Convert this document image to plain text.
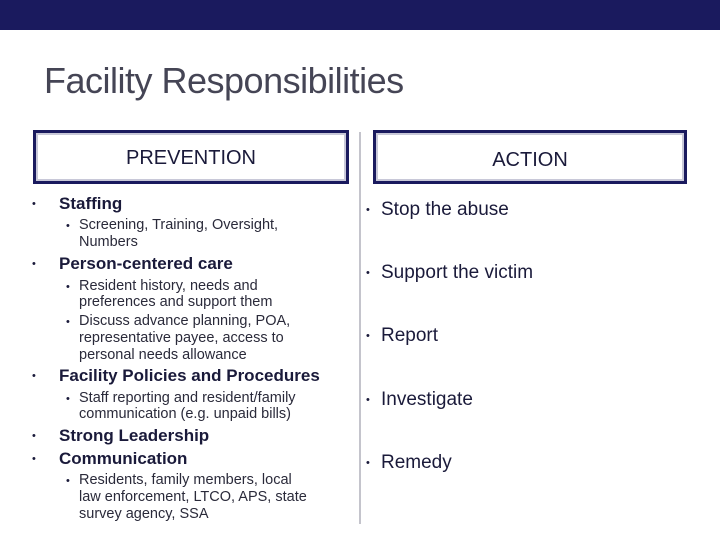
Facility Responsibilities
PREVENTION	ACTION
• Staffing
• Screening, Training, Oversight,
Numbers
• Person-centered care
• Resident history, needs and
preferences and support them
• Discuss advance planning, POA,
representative payee, access to
personal needs allowance
• Facility Policies and Procedures
• Staff reporting and resident/family
communication (e.g. unpaid bills)
• Strong Leadership
• Communication
• Residents, family members, local
law enforcement, LTCO, APS, state
survey agency, SSA
• Stop the abuse
• Support the victim
• Report
• Investigate
• Remedy
